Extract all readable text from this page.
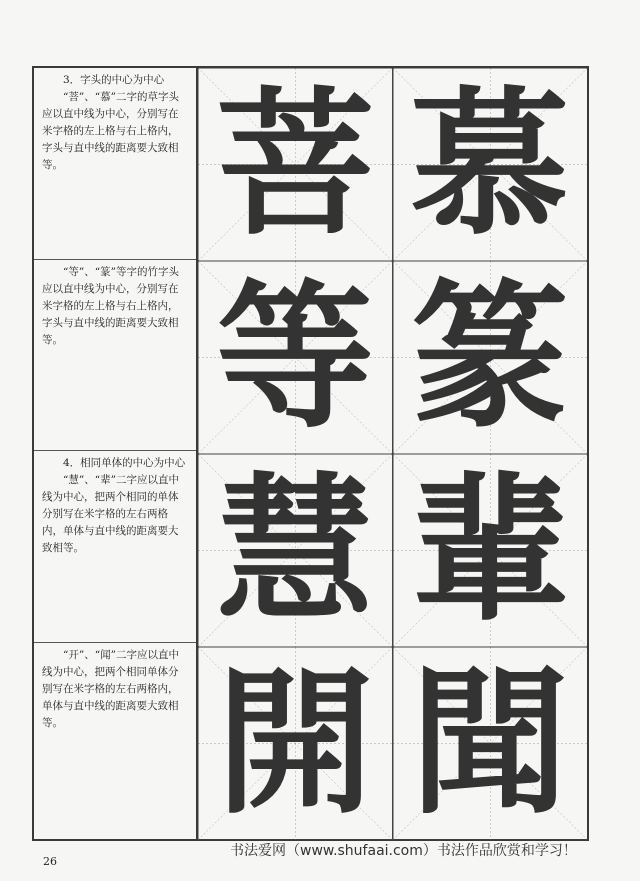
3．字头的中心为中心

“菩”、“慕”二字的草字头应以直中线为中心，分别写在米字格的左上格与右上格内，字头与直中线的距离要大致相等。

“等”、“篆”等字的竹字头应以直中线为中心，分别写在米字格的左上格与右上格内，字头与直中线的距离要大致相等。

4．相同单体的中心为中心

“慧”、“辈”二字应以直中线为中心，把两个相同的单体分别写在米字格的左右两格内，单体与直中线的距离要大致相等。

“开”、“闻”二字应以直中线为中心，把两个相同单体分别写在米字格的左右两格内，单体与直中线的距离要大致相等。

菩 慕
等 篆
慧 輩
開 聞
26
书法爱网（www.shufaai.com）书法作品欣赏和学习！
